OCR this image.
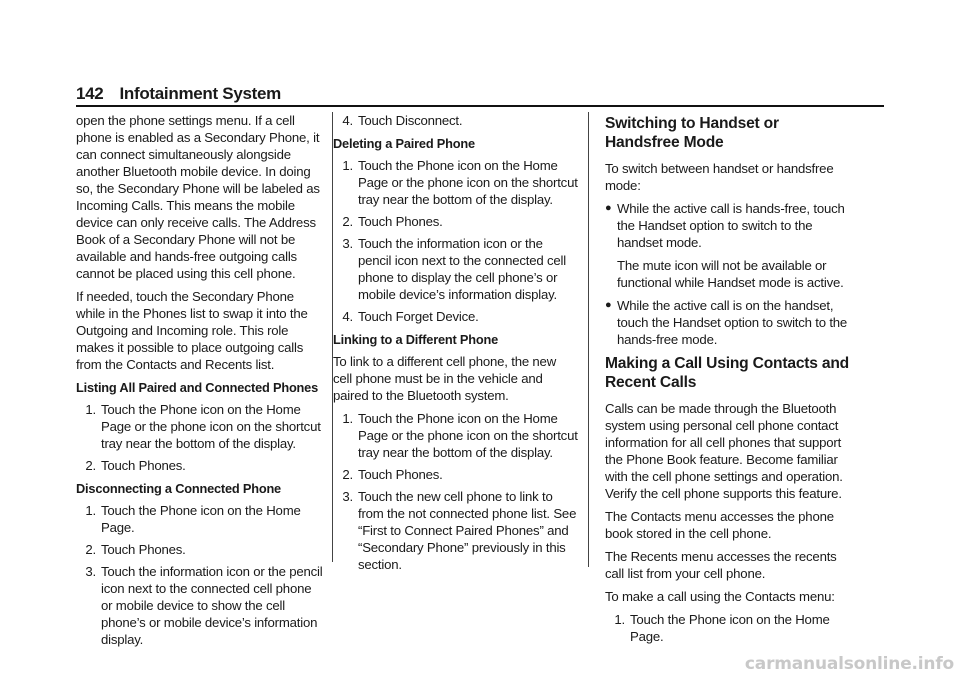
142 Infotainment System

open the phone settings menu. If a cell phone is enabled as a Secondary Phone, it can connect simultaneously alongside another Bluetooth mobile device. In doing so, the Secondary Phone will be labeled as Incoming Calls. This means the mobile device can only receive calls. The Address Book of a Secondary Phone will not be available and hands-free outgoing calls cannot be placed using this cell phone.

If needed, touch the Secondary Phone while in the Phones list to swap it into the Outgoing and Incoming role. This role makes it possible to place outgoing calls from the Contacts and Recents list.

Listing All Paired and Connected Phones
1. Touch the Phone icon on the Home Page or the phone icon on the shortcut tray near the bottom of the display.
2. Touch Phones.
Disconnecting a Connected Phone
1. Touch the Phone icon on the Home Page.
2. Touch Phones.
3. Touch the information icon or the pencil icon next to the connected cell phone or mobile device to show the cell phone’s or mobile device’s information display.
4. Touch Disconnect.
Deleting a Paired Phone
1. Touch the Phone icon on the Home Page or the phone icon on the shortcut tray near the bottom of the display.
2. Touch Phones.
3. Touch the information icon or the pencil icon next to the connected cell phone to display the cell phone’s or mobile device’s information display.
4. Touch Forget Device.
Linking to a Different Phone

To link to a different cell phone, the new cell phone must be in the vehicle and paired to the Bluetooth system.

1. Touch the Phone icon on the Home Page or the phone icon on the shortcut tray near the bottom of the display.
2. Touch Phones.
3. Touch the new cell phone to link to from the not connected phone list. See “First to Connect Paired Phones” and “Secondary Phone” previously in this section.
Switching to Handset or Handsfree Mode

To switch between handset or handsfree mode:

● While the active call is hands-free, touch the Handset option to switch to the handset mode.
The mute icon will not be available or functional while Handset mode is active.
● While the active call is on the handset, touch the Handset option to switch to the hands-free mode.
Making a Call Using Contacts and Recent Calls

Calls can be made through the Bluetooth system using personal cell phone contact information for all cell phones that support the Phone Book feature. Become familiar with the cell phone settings and operation. Verify the cell phone supports this feature.

The Contacts menu accesses the phone book stored in the cell phone.

The Recents menu accesses the recents call list from your cell phone.

To make a call using the Contacts menu:

1. Touch the Phone icon on the Home Page.
carmanualsonline.info
